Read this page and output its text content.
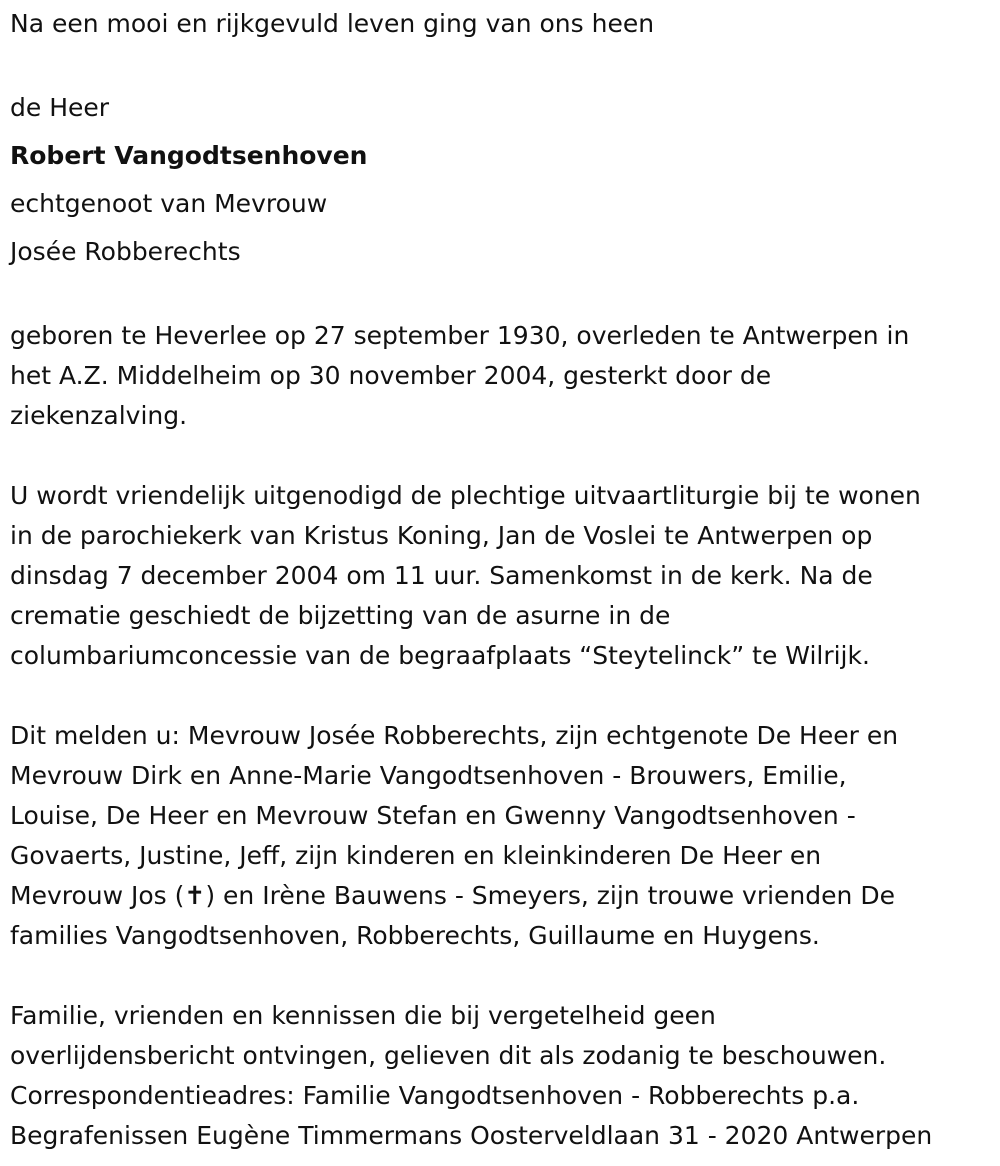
Na een mooi en rijkgevuld leven ging van ons heen

de Heer

Robert Vangodtsenhoven

echtgenoot van Mevrouw

Josée Robberechts

geboren te Heverlee op 27 september 1930, overleden te Antwerpen in
het A.Z. Middelheim op 30 november 2004, gesterkt door de
ziekenzalving.

U wordt vriendelijk uitgenodigd de plechtige uitvaartliturgie bij te wonen
in de parochiekerk van Kristus Koning, Jan de Voslei te Antwerpen op
dinsdag 7 december 2004 om 11 uur. Samenkomst in de kerk. Na de
crematie geschiedt de bijzetting van de asurne in de
columbariumconcessie van de begraafplaats “Steytelinck” te Wilrijk.

Dit melden u: Mevrouw Josée Robberechts, zijn echtgenote De Heer en
Mevrouw Dirk en Anne-Marie Vangodtsenhoven - Brouwers, Emilie,
Louise, De Heer en Mevrouw Stefan en Gwenny Vangodtsenhoven -
Govaerts, Justine, Jeff, zijn kinderen en kleinkinderen De Heer en
Mevrouw Jos (✝) en Irène Bauwens - Smeyers, zijn trouwe vrienden De
families Vangodtsenhoven, Robberechts, Guillaume en Huygens.

Familie, vrienden en kennissen die bij vergetelheid geen
overlijdensbericht ontvingen, gelieven dit als zodanig te beschouwen.
Correspondentieadres: Familie Vangodtsenhoven - Robberechts p.a.
Begrafenissen Eugène Timmermans Oosterveldlaan 31 - 2020 Antwerpen
